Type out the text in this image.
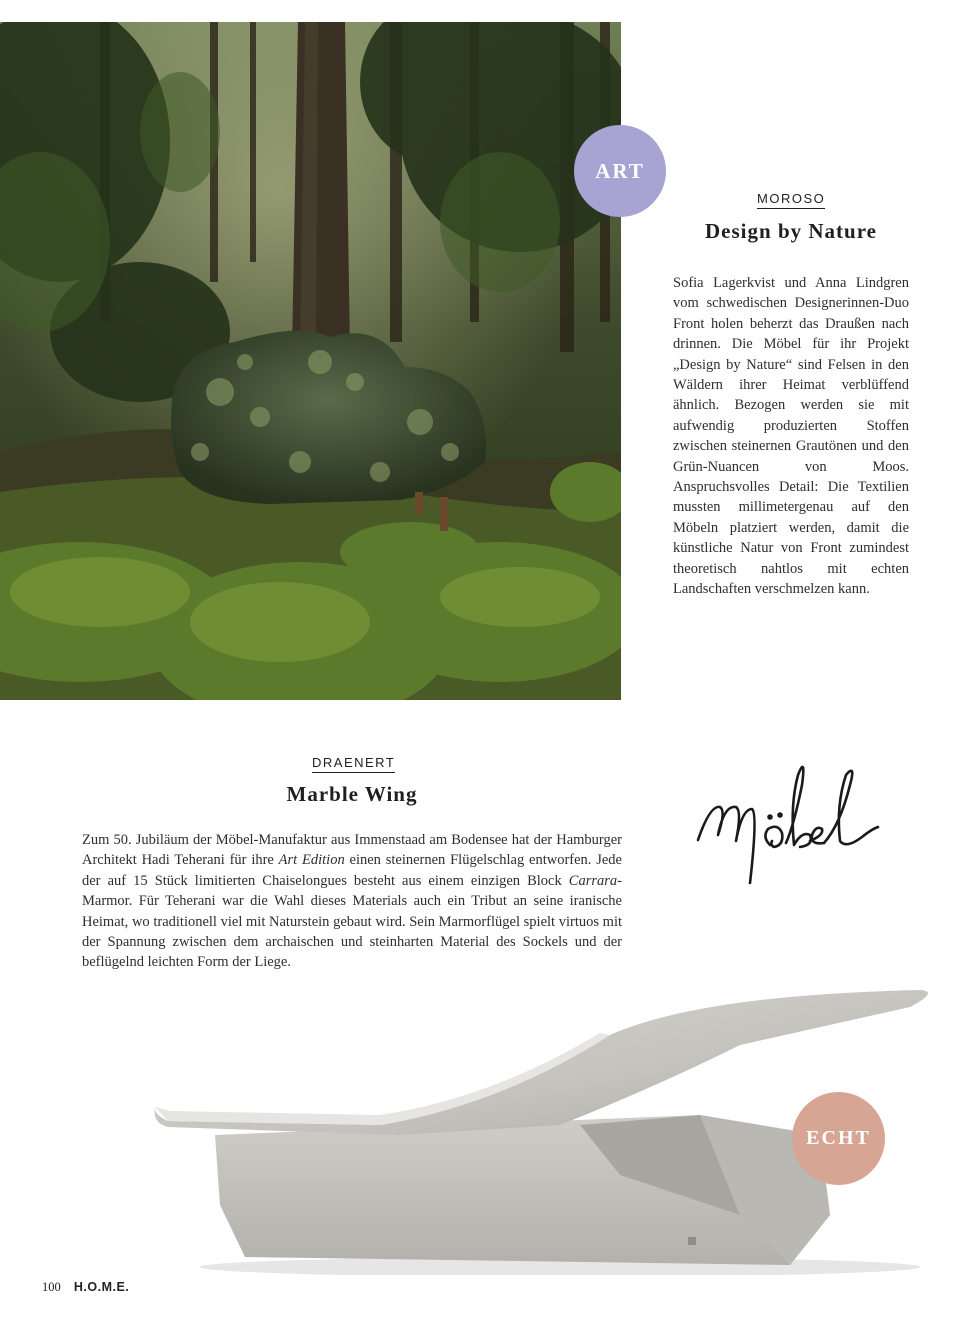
ART
MOROSO
Design by Nature

Sofia Lagerkvist und Anna Lindgren vom schwedischen Designerinnen-Duo Front holen beherzt das Draußen nach drinnen. Die Möbel für ihr Projekt „Design by Nature“ sind Felsen in den Wäldern ihrer Heimat verblüffend ähnlich. Bezogen werden sie mit aufwendig produzierten Stoffen zwischen steinernen Grautönen und den Grün-Nuancen von Moos. Anspruchsvolles Detail: Die Textilien mussten millimetergenau auf den Möbeln platziert werden, damit die künstliche Natur von Front zumindest theoretisch nahtlos mit echten Landschaften verschmelzen kann.

DRAENERT
Marble Wing

Zum 50. Jubiläum der Möbel-Manufaktur aus Immenstaad am Bodensee hat der Hamburger Architekt Hadi Teherani für ihre Art Edition einen steinernen Flügelschlag entworfen. Jede der auf 15 Stück limitierten Chaiselongues besteht aus einem einzigen Block Carrara-Marmor. Für Teherani war die Wahl dieses Materials auch ein Tribut an seine iranische Heimat, wo traditionell viel mit Naturstein gebaut wird. Sein Marmorflügel spielt virtuos mit der Spannung zwischen dem archaischen und steinharten Material des Sockels und der beflügelnd leichten Form der Liege.

ECHT
100 H.O.M.E.
